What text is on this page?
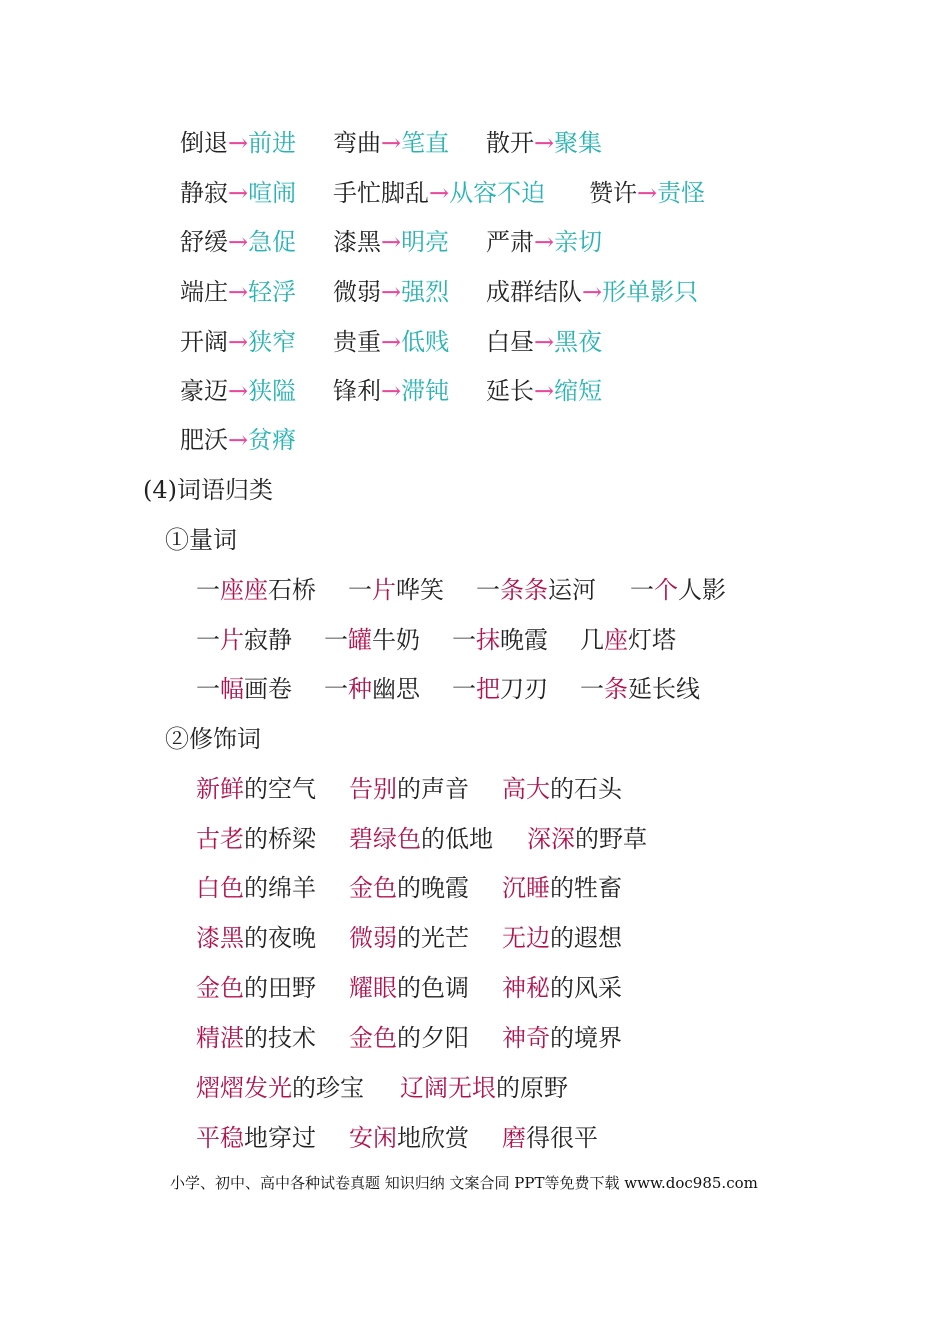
倒退→前进 弯曲→笔直 散开→聚集
静寂→喧闹 手忙脚乱→从容不迫 赞许→责怪
舒缓→急促 漆黑→明亮 严肃→亲切
端庄→轻浮 微弱→强烈 成群结队→形单影只
开阔→狭窄 贵重→低贱 白昼→黑夜
豪迈→狭隘 锋利→滞钝 延长→缩短
肥沃→贫瘠
(4)词语归类
①量词
一座座石桥 一片哗笑 一条条运河 一个人影
一片寂静 一罐牛奶 一抹晚霞 几座灯塔
一幅画卷 一种幽思 一把刀刃 一条延长线
②修饰词
新鲜的空气 告别的声音 高大的石头
古老的桥梁 碧绿色的低地 深深的野草
白色的绵羊 金色的晚霞 沉睡的牲畜
漆黑的夜晚 微弱的光芒 无边的遐想
金色的田野 耀眼的色调 神秘的风采
精湛的技术 金色的夕阳 神奇的境界
熠熠发光的珍宝 辽阔无垠的原野
平稳地穿过 安闲地欣赏 磨得很平
小学、初中、高中各种试卷真题 知识归纳 文案合同 PPT等免费下载 www.doc985.com
